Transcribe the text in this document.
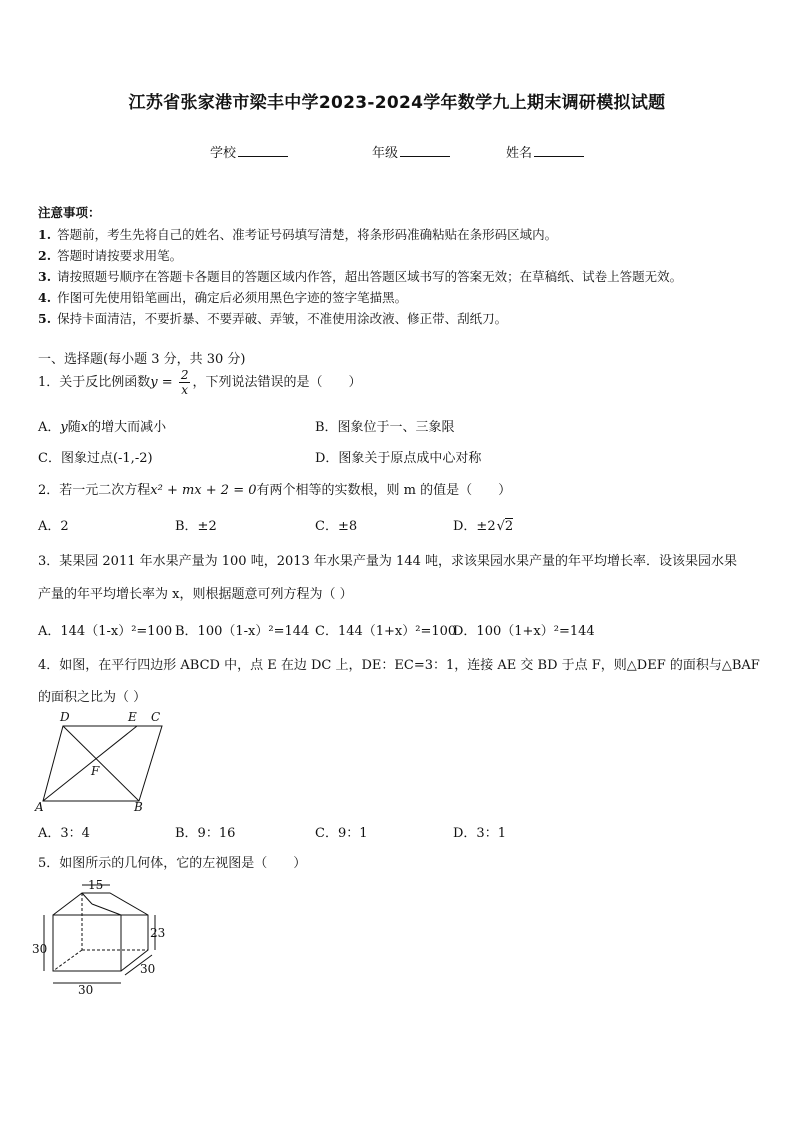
江苏省张家港市梁丰中学2023-2024学年数学九上期末调研模拟试题
学校	年级	姓名
注意事项：
1. 答题前，考生先将自己的姓名、准考证号码填写清楚，将条形码准确粘贴在条形码区域内。
2. 答题时请按要求用笔。
3. 请按照题号顺序在答题卡各题目的答题区域内作答，超出答题区域书写的答案无效；在草稿纸、试卷上答题无效。
4. 作图可先使用铅笔画出，确定后必须用黑色字迹的签字笔描黑。
5. 保持卡面清洁，不要折暴、不要弄破、弄皱，不准使用涂改液、修正带、刮纸刀。
一、选择题(每小题 3 分，共 30 分)
1．关于反比例函数$y = \frac{2}{x}$ ，下列说法错误的是（　　）
A．y随x的增大而减小	B．图象位于一、三象限
C．图象过点(-1,-2)	D．图象关于原点成中心对称
2．若一元二次方程x² + mx + 2 = 0有两个相等的实数根，则 m 的值是（　　）
A．2	B．±2	C．±8	D．±2√2
3．某果园 2011 年水果产量为 100 吨，2013 年水果产量为 144 吨，求该果园水果产量的年平均增长率．设该果园水果
产量的年平均增长率为 x，则根据题意可列方程为（ ）
A．144（1-x）²=100 B．100（1-x）²=144 C．144（1+x）²=100
D．100（1+x）²=144
4．如图，在平行四边形 ABCD 中，点 E 在边 DC 上，DE：EC=3：1，连接 AE 交 BD 于点 F，则△DEF 的面积与△BAF
的面积之比为（ ）
D	E C
F
A	B
A．3：4	B．9：16	C．9：1	D．3：1
5．如图所示的几何体，它的左视图是（　　）
15
23
30
30
30
